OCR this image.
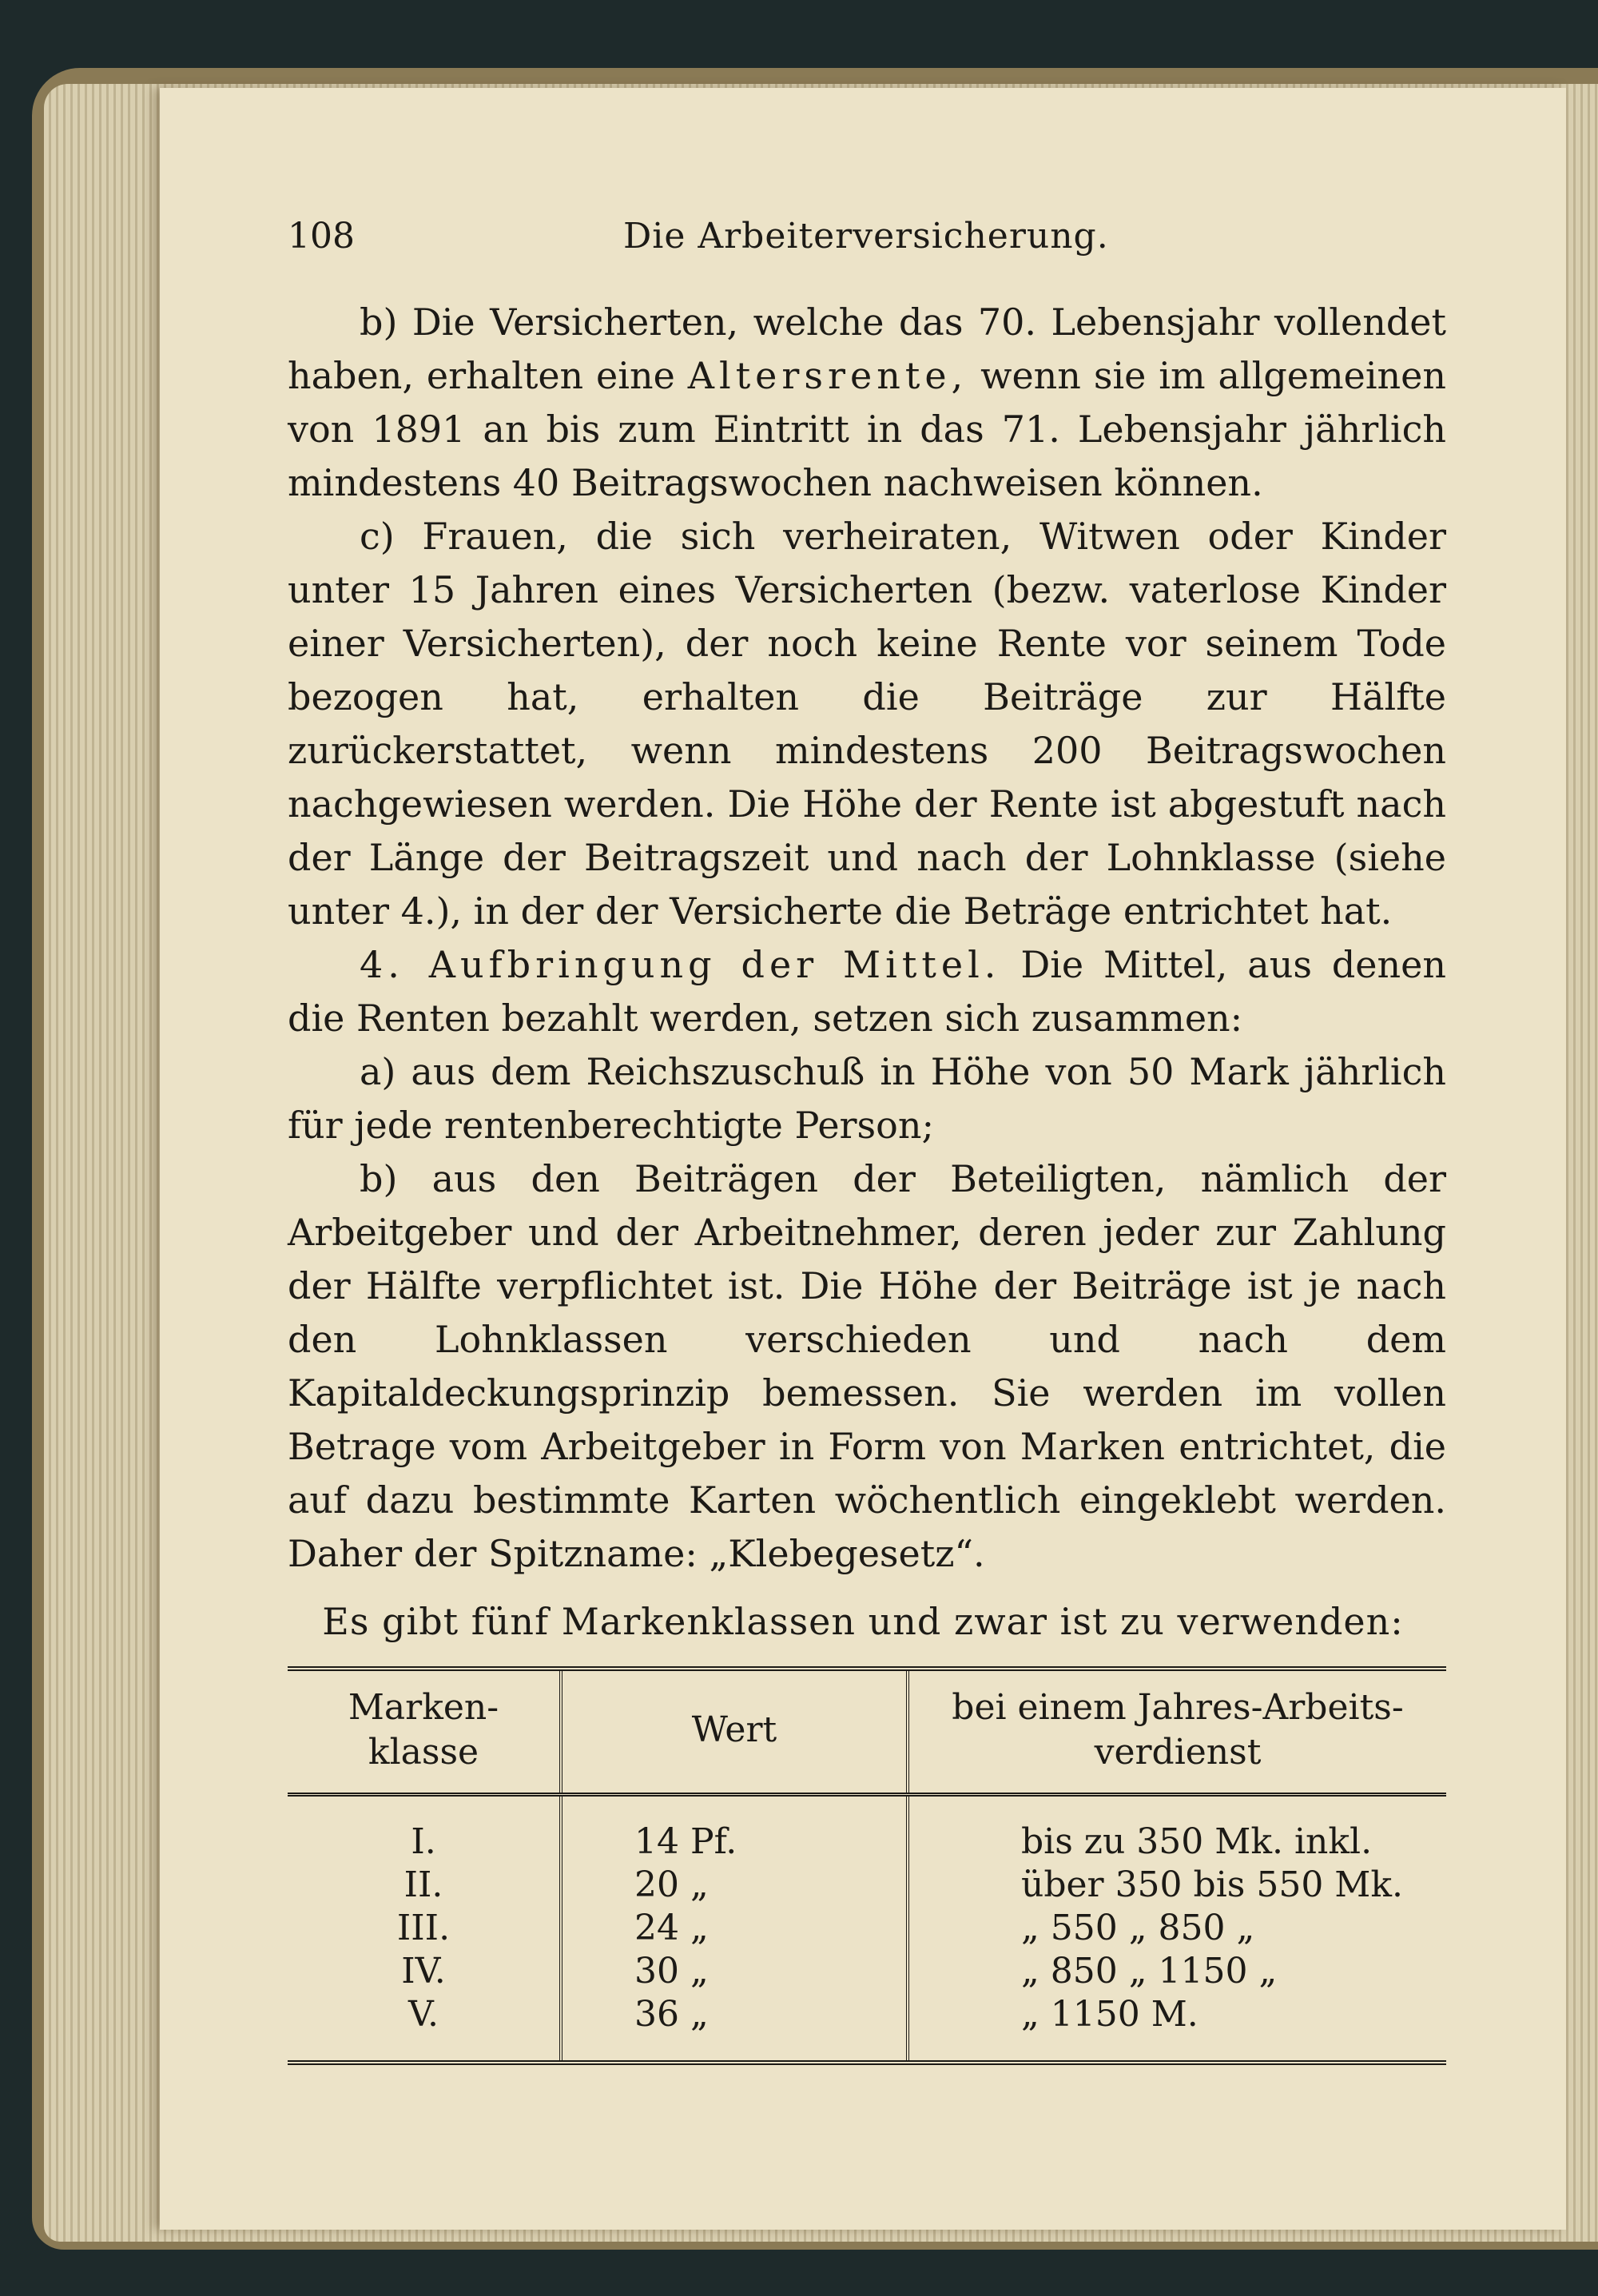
108	Die Arbeiterversicherung.

b) Die Versicherten, welche das 70. Lebensjahr vollendet haben, erhalten eine Altersrente, wenn sie im allgemeinen von 1891 an bis zum Eintritt in das 71. Lebensjahr jährlich mindestens 40 Beitragswochen nachweisen können.

c) Frauen, die sich verheiraten, Witwen oder Kinder unter 15 Jahren eines Versicherten (bezw. vaterlose Kinder einer Versicherten), der noch keine Rente vor seinem Tode bezogen hat, erhalten die Beiträge zur Hälfte zurückerstattet, wenn mindestens 200 Beitragswochen nachgewiesen werden. Die Höhe der Rente ist abgestuft nach der Länge der Beitragszeit und nach der Lohnklasse (siehe unter 4.), in der der Versicherte die Beträge entrichtet hat.

4. Aufbringung der Mittel. Die Mittel, aus denen die Renten bezahlt werden, setzen sich zusammen:

a) aus dem Reichszuschuß in Höhe von 50 Mark jährlich für jede rentenberechtigte Person;

b) aus den Beiträgen der Beteiligten, nämlich der Arbeitgeber und der Arbeitnehmer, deren jeder zur Zahlung der Hälfte verpflichtet ist. Die Höhe der Beiträge ist je nach den Lohnklassen verschieden und nach dem Kapitaldeckungsprinzip bemessen. Sie werden im vollen Betrage vom Arbeitgeber in Form von Marken entrichtet, die auf dazu bestimmte Karten wöchentlich eingeklebt werden. Daher der Spitzname: „Klebegesetz“.

Es gibt fünf Markenklassen und zwar ist zu verwenden:
Marken-klasse	Wert	bei einem Jahres-Arbeits-verdienst
I.	14 Pf.	bis zu 350 Mk. inkl.
II.	20 „	über 350 bis 550 Mk.
III.	24 „	„ 550 „ 850 „
IV.	30 „	„ 850 „ 1150 „
V.	36 „	„ 1150 M.
